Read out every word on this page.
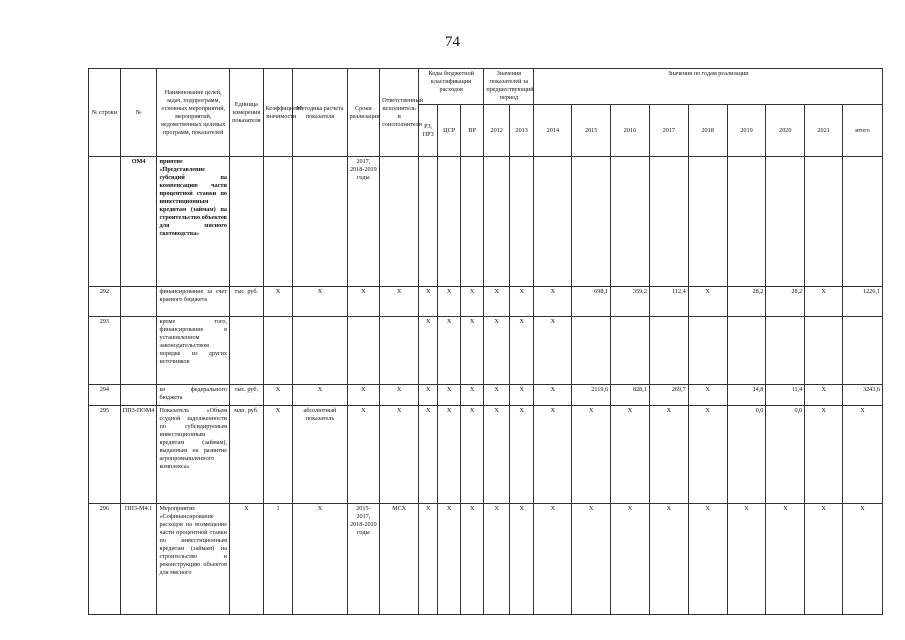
74
№ строки	№	Наименование целей, задач, подпрограмм, основных мероприятий, мероприятий, ведомственных целевых программ, показателей	Единица измерения показателя	Коэффициент значимости	Методика расчета показателя	Сроки реализации	Ответственный исполнитель и соисполнители	Коды бюджетной классификации расходов			Значения показателей за предшествующий период		Значения по годам реализации								
								РЗ, ПР3	ЦСР	ВР	2012	2013	2014	2015	2016	2017	2018	2019	2020	2021	итого
	ОМ4	приятие «Представление субсидий на компенсацию части процентной ставки по инвестиционным кредитам (займам) на строительство объектов для мясного скотоводства»				2017, 2018-2019 годы															
292		финансирование за счет краевого бюджета	тыс. руб.	X	X	X	X	X	X	X	X	X	X	698,1	359,2	112,4	X	28,2	28,2	X	1226,1
293		кроме того, финансирование в установленном законодательством порядке из других источников						X	X	X	X	X	X								
294		из федерального бюджета	тыс. руб.	X	X	X	X	X	X	X	X	X	X	2119,6	828,1	269,7	X	14,8	11,4	X	3243,6
295	ПП3-ПОМ4	Показатель «Объем ссудной задолженности по субсидируемым инвестиционным кредитам (займам), выданным на развитие агропромышленного комплекса»	млн. руб.	X	абсолютный показатель	X	X	X	X	X	X	X	X	X	X	X	X	0,0	0,0	X	X
296	ПП3-М4.1	Мероприятие «Софинансирование расходов на возмещение части процентной ставки по инвестиционным кредитам (займам) на строительство и реконструкцию объектов для мясного	X	1	X	2015-2017, 2018-2019 годы	МСХ	X	X	X	X	X	X	X	X	X	X	X	X	X	X
